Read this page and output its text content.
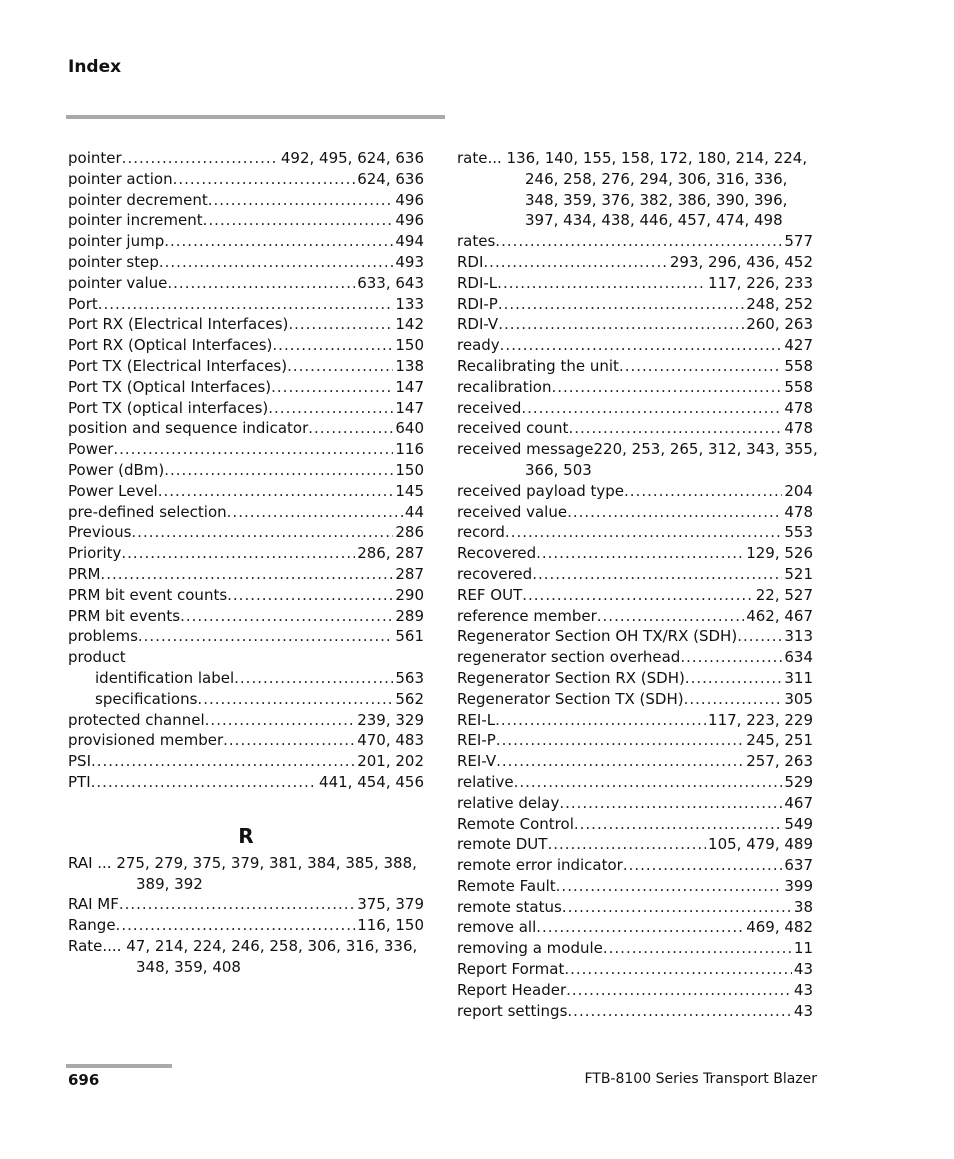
Index
pointer .....	492, 495, 624, 636
pointer action .....	624, 636
pointer decrement .....	496
pointer increment .....	496
pointer jump .....	494
pointer step .....	493
pointer value .....	633, 643
Port .....	133
Port RX (Electrical Interfaces) .....	142
Port RX (Optical Interfaces) .....	150
Port TX (Electrical Interfaces) .....	138
Port TX (Optical Interfaces) .....	147
Port TX (optical interfaces) .....	147
position and sequence indicator .....	640
Power .....	116
Power (dBm) .....	150
Power Level .....	145
pre-defined selection .....	44
Previous .....	286
Priority .....	286, 287
PRM .....	287
PRM bit event counts .....	290
PRM bit events .....	289
problems .....	561
product
identification label .....	563
specifications .....	562
protected channel .....	239, 329
provisioned member .....	470, 483
PSI .....	201, 202
PTI .....	441, 454, 456
R
RAI ... 275, 279, 375, 379, 381, 384, 385, 388,
389, 392
RAI MF .....	375, 379
Range .....	116, 150
Rate.... 47, 214, 224, 246, 258, 306, 316, 336,
348, 359, 408
rate... 136, 140, 155, 158, 172, 180, 214, 224,
246, 258, 276, 294, 306, 316, 336,
348, 359, 376, 382, 386, 390, 396,
397, 434, 438, 446, 457, 474, 498
rates .....	577
RDI .....	293, 296, 436, 452
RDI-L .....	117, 226, 233
RDI-P .....	248, 252
RDI-V .....	260, 263
ready .....	427
Recalibrating the unit .....	558
recalibration .....	558
received .....	478
received count .....	478
received message220, 253, 265, 312, 343, 355,
366, 503
received payload type .....	204
received value .....	478
record .....	553
Recovered .....	129, 526
recovered .....	521
REF OUT .....	22, 527
reference member .....	462, 467
Regenerator Section OH TX/RX (SDH) .....	313
regenerator section overhead .....	634
Regenerator Section RX (SDH) .....	311
Regenerator Section TX (SDH) .....	305
REI-L .....	117, 223, 229
REI-P .....	245, 251
REI-V .....	257, 263
relative .....	529
relative delay .....	467
Remote Control .....	549
remote DUT .....	105, 479, 489
remote error indicator .....	637
Remote Fault .....	399
remote status .....	38
remove all .....	469, 482
removing a module .....	11
Report Format .....	43
Report Header .....	43
report settings .....	43
696	FTB-8100 Series Transport Blazer
